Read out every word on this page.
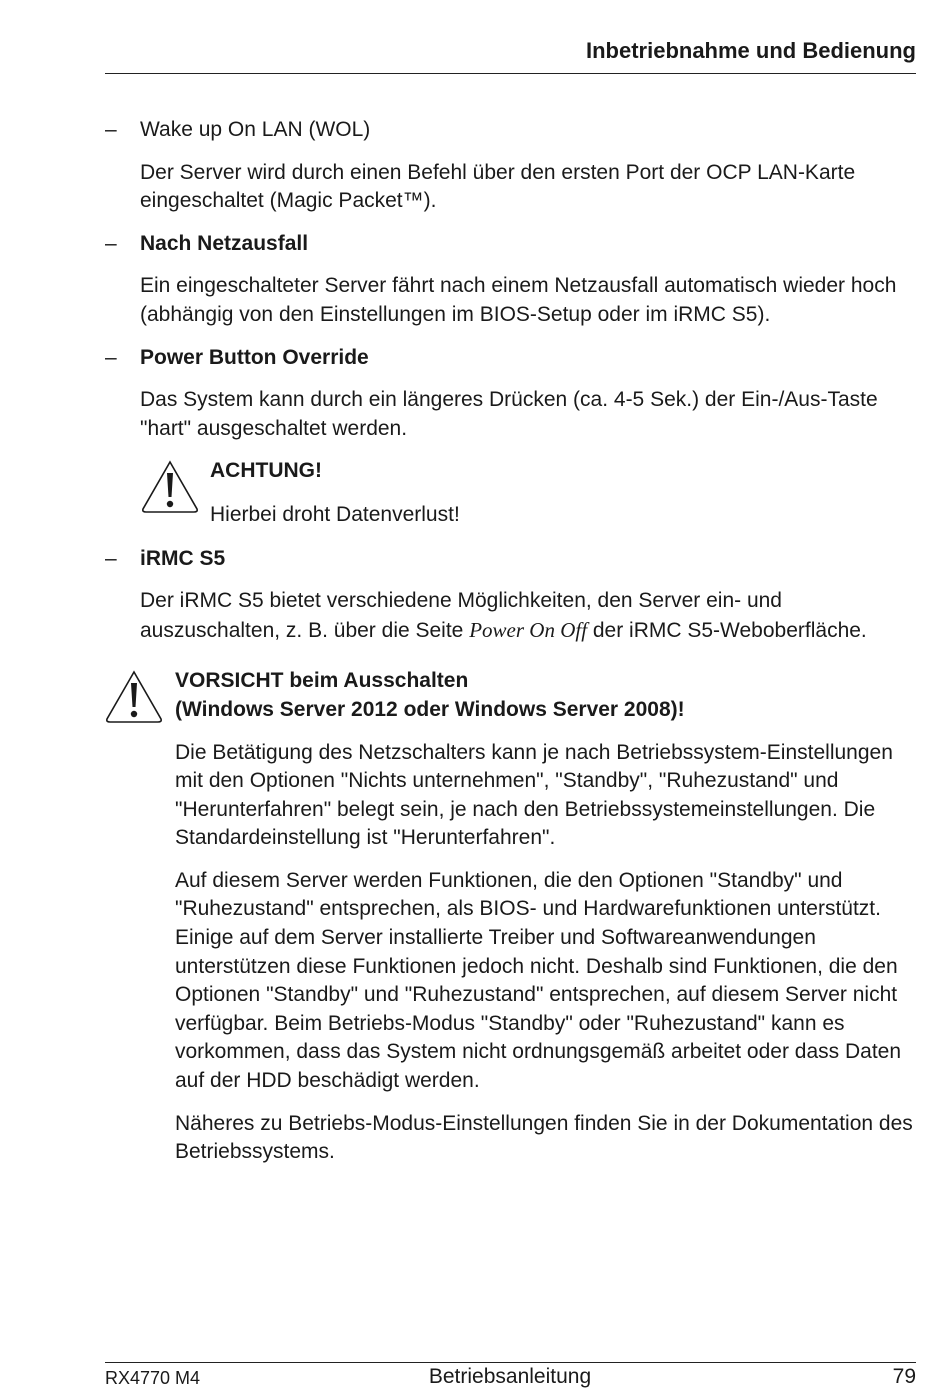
Inbetriebnahme und Bedienung
– Wake up On LAN (WOL)

Der Server wird durch einen Befehl über den ersten Port der OCP LAN-Karte eingeschaltet (Magic Packet™).

– Nach Netzausfall

Ein eingeschalteter Server fährt nach einem Netzausfall automatisch wieder hoch (abhängig von den Einstellungen im BIOS-Setup oder im iRMC S5).

– Power Button Override

Das System kann durch ein längeres Drücken (ca. 4-5 Sek.) der Ein-/Aus-Taste "hart" ausgeschaltet werden.

ACHTUNG!
Hierbei droht Datenverlust!
– iRMC S5

Der iRMC S5 bietet verschiedene Möglichkeiten, den Server ein- und auszuschalten, z. B. über die Seite Power On Off der iRMC S5-Weboberfläche.

VORSICHT beim Ausschalten
(Windows Server 2012 oder Windows Server 2008)!

Die Betätigung des Netzschalters kann je nach Betriebssystem-Einstellungen mit den Optionen "Nichts unternehmen", "Standby", "Ruhezustand" und "Herunterfahren" belegt sein, je nach den Betriebssystemeinstellungen. Die Standardeinstellung ist "Herunterfahren".

Auf diesem Server werden Funktionen, die den Optionen "Standby" und "Ruhezustand" entsprechen, als BIOS- und Hardwarefunktionen unterstützt. Einige auf dem Server installierte Treiber und Softwareanwendungen unterstützen diese Funktionen jedoch nicht. Deshalb sind Funktionen, die den Optionen "Standby" und "Ruhezustand" entsprechen, auf diesem Server nicht verfügbar. Beim Betriebs-Modus "Standby" oder "Ruhezustand" kann es vorkommen, dass das System nicht ordnungsgemäß arbeitet oder dass Daten auf der HDD beschädigt werden.

Näheres zu Betriebs-Modus-Einstellungen finden Sie in der Dokumentation des Betriebssystems.

RX4770 M4	Betriebsanleitung	79
